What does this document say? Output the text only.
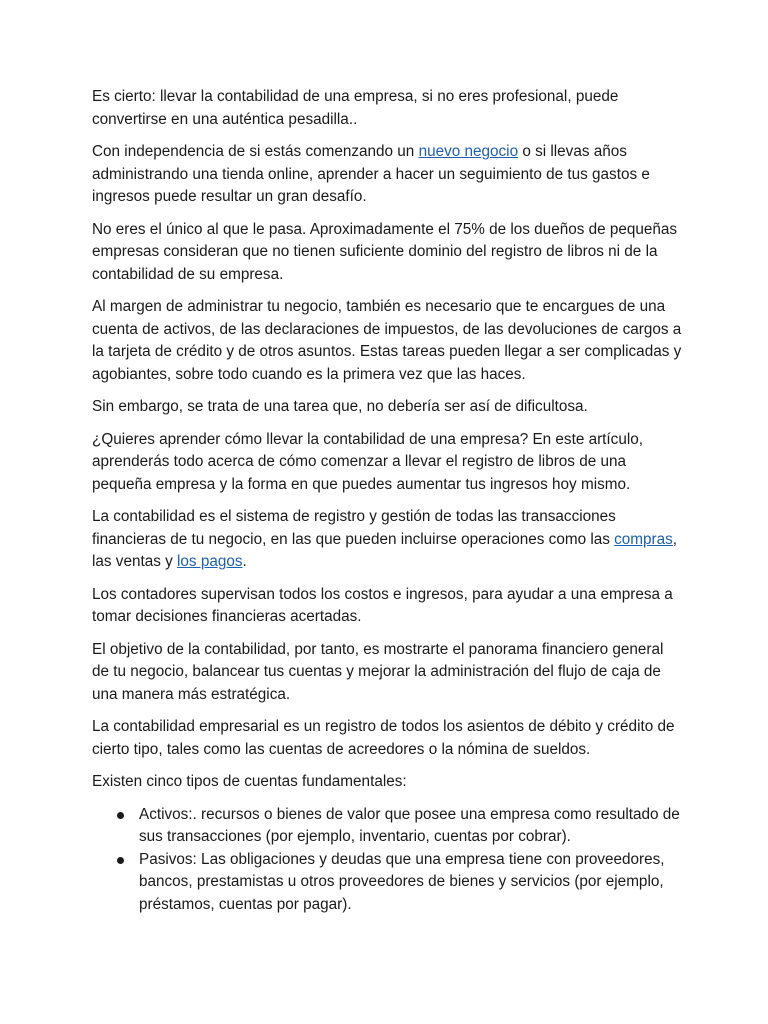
Es cierto: llevar la contabilidad de una empresa, si no eres profesional, puede convertirse en una auténtica pesadilla..

Con independencia de si estás comenzando un nuevo negocio o si llevas años administrando una tienda online, aprender a hacer un seguimiento de tus gastos e ingresos puede resultar un gran desafío.

No eres el único al que le pasa. Aproximadamente el 75% de los dueños de pequeñas empresas consideran que no tienen suficiente dominio del registro de libros ni de la contabilidad de su empresa.

Al margen de administrar tu negocio, también es necesario que te encargues de una cuenta de activos, de las declaraciones de impuestos, de las devoluciones de cargos a la tarjeta de crédito y de otros asuntos. Estas tareas pueden llegar a ser complicadas y agobiantes, sobre todo cuando es la primera vez que las haces.

Sin embargo, se trata de una tarea que, no debería ser así de dificultosa.

¿Quieres aprender cómo llevar la contabilidad de una empresa? En este artículo, aprenderás todo acerca de cómo comenzar a llevar el registro de libros de una pequeña empresa y la forma en que puedes aumentar tus ingresos hoy mismo.

La contabilidad es el sistema de registro y gestión de todas las transacciones financieras de tu negocio, en las que pueden incluirse operaciones como las compras, las ventas y los pagos.

Los contadores supervisan todos los costos e ingresos, para ayudar a una empresa a tomar decisiones financieras acertadas.

El objetivo de la contabilidad, por tanto, es mostrarte el panorama financiero general de tu negocio, balancear tus cuentas y mejorar la administración del flujo de caja de una manera más estratégica.

La contabilidad empresarial es un registro de todos los asientos de débito y crédito de cierto tipo, tales como las cuentas de acreedores o la nómina de sueldos.

Existen cinco tipos de cuentas fundamentales:

Activos:. recursos o bienes de valor que posee una empresa como resultado de sus transacciones (por ejemplo, inventario, cuentas por cobrar).
Pasivos: Las obligaciones y deudas que una empresa tiene con proveedores, bancos, prestamistas u otros proveedores de bienes y servicios (por ejemplo, préstamos, cuentas por pagar).
